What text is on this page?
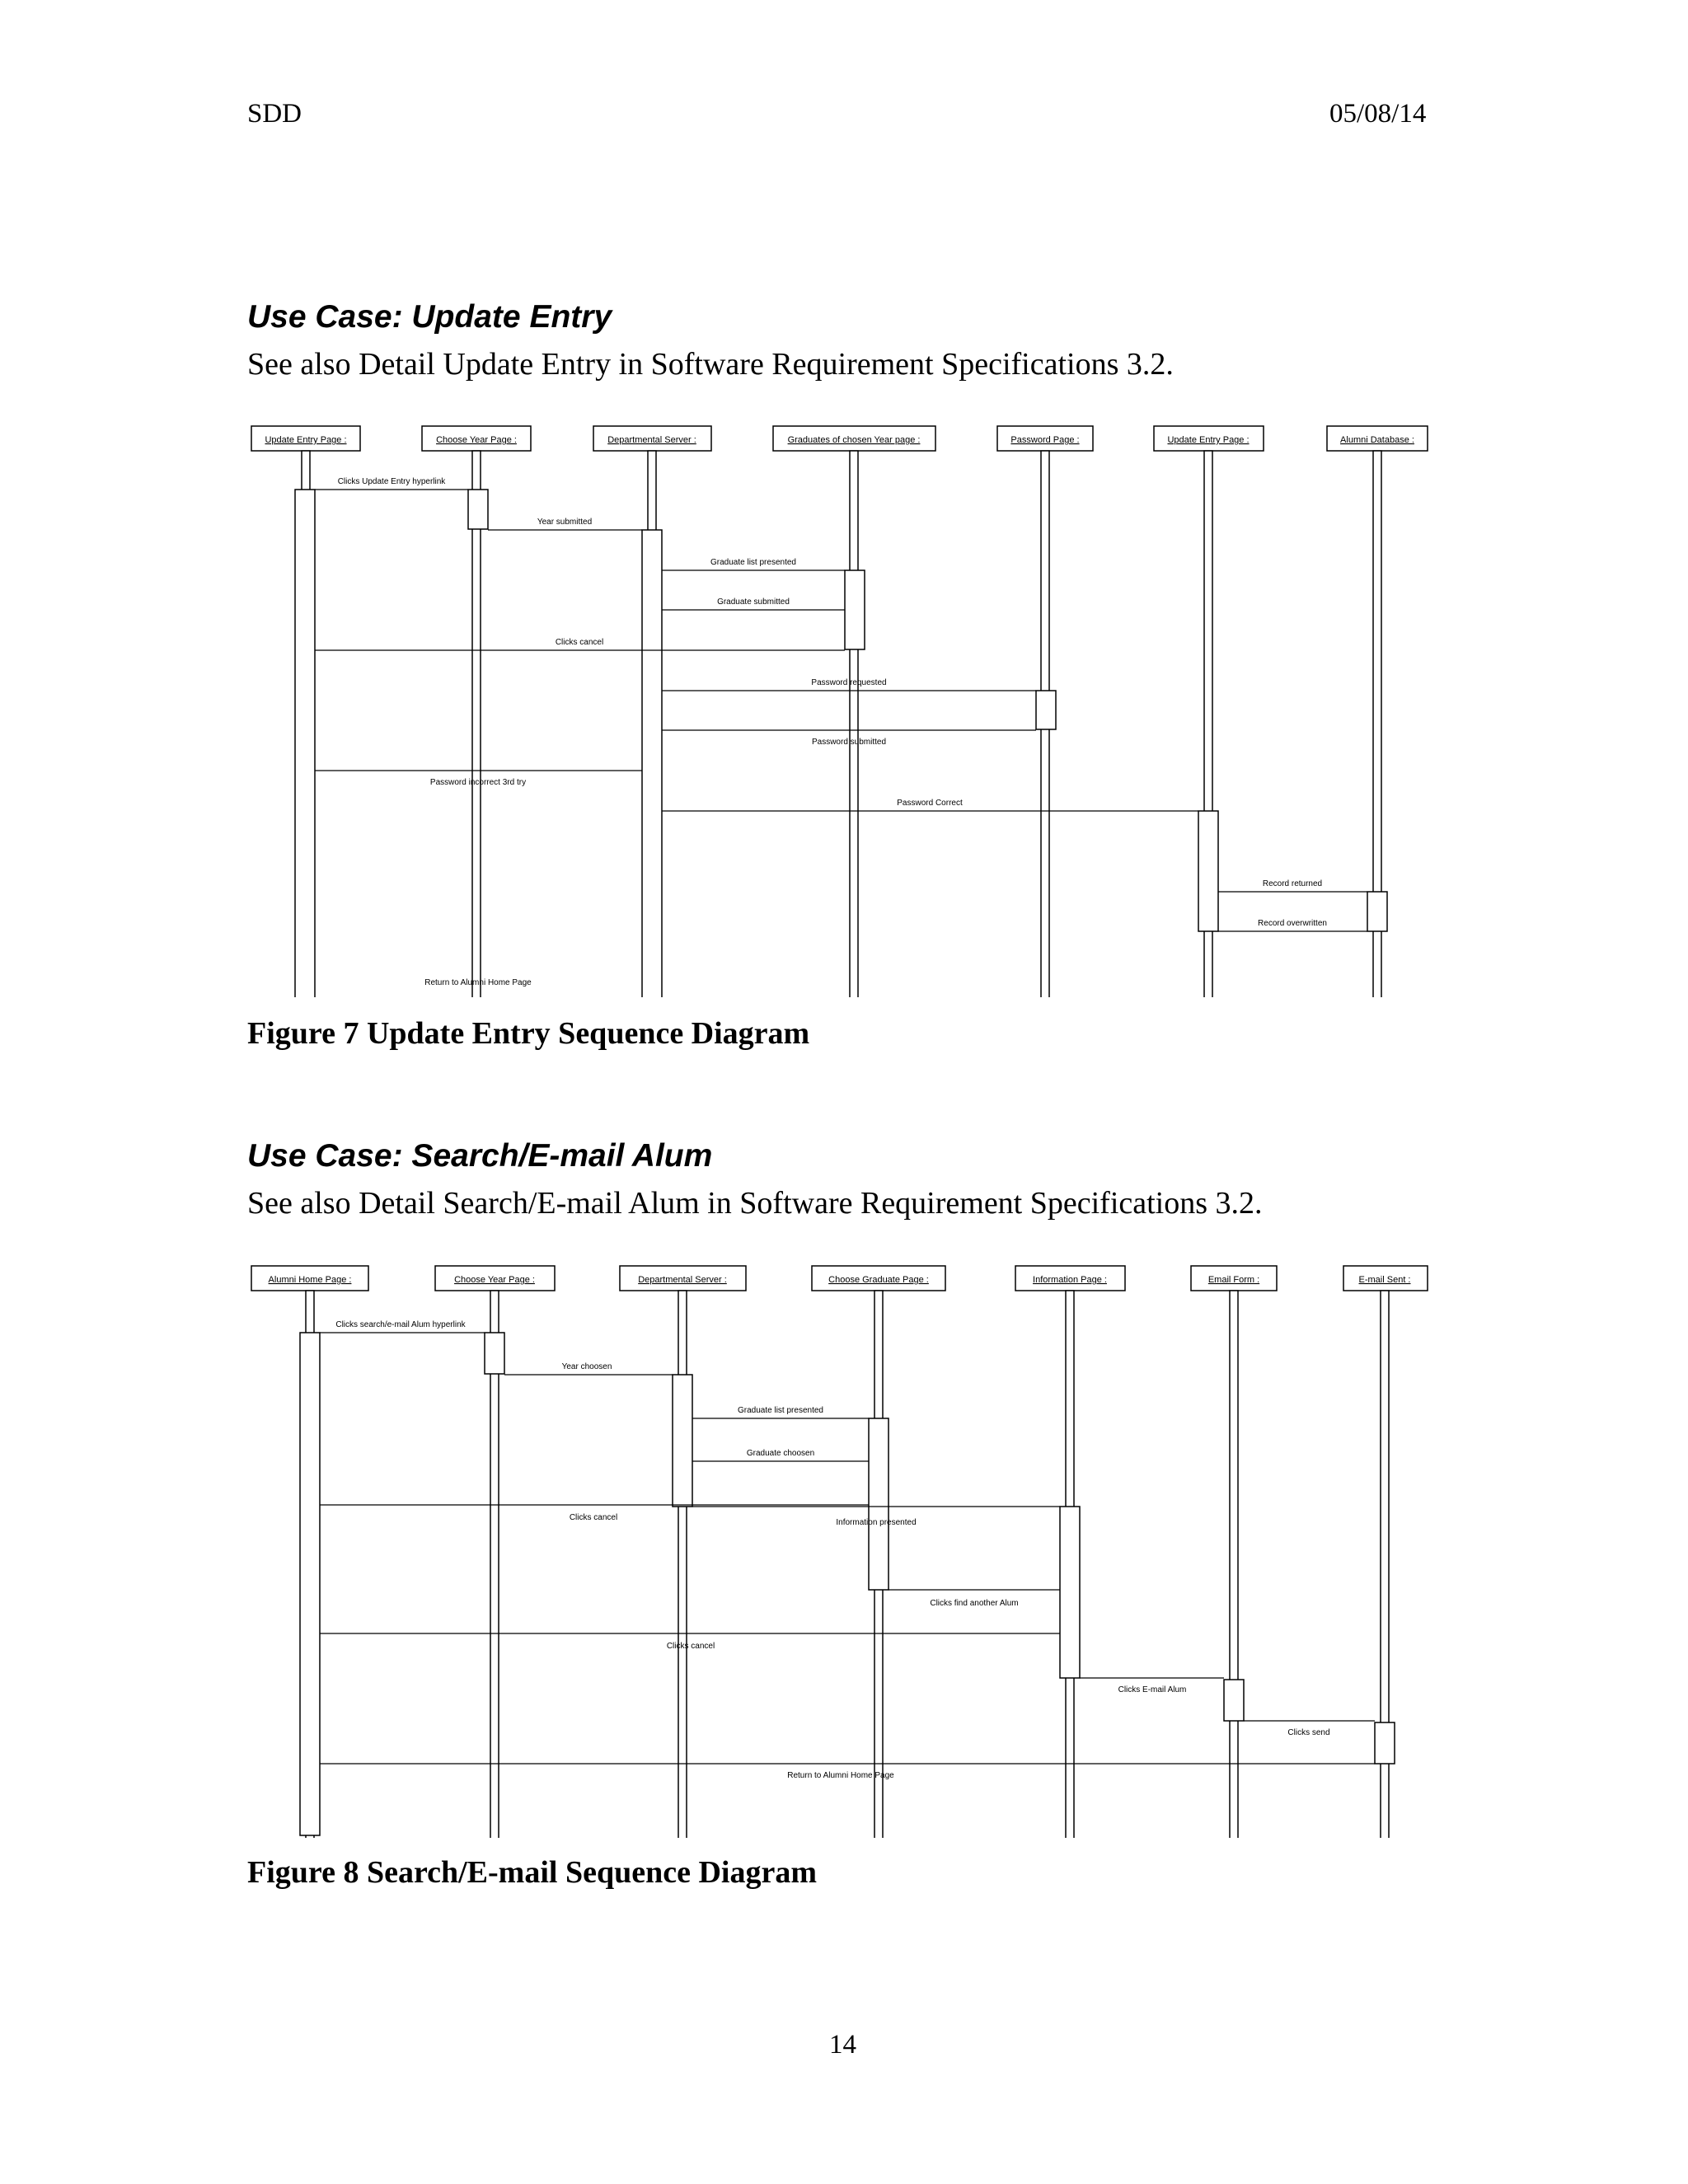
SDD	05/08/14
Use Case: Update Entry
See also Detail Update Entry in Software Requirement Specifications 3.2.
Update Entry Page :	Choose Year Page :	Departmental Server :	Graduates of chosen Year page :	Password Page :	Update Entry Page :	Alumni Database :
Clicks Update Entry hyperlink
Year submitted
Graduate list presented
Graduate submitted
Clicks cancel
Password requested
Password submitted
Password incorrect 3rd try
Password Correct
Record returned
Record overwritten
Return to Alumni Home Page
Figure 7 Update Entry Sequence Diagram
Use Case: Search/E-mail Alum
See also Detail Search/E-mail Alum in Software Requirement Specifications 3.2.
Alumni Home Page :	Choose Year Page :	Departmental Server :	Choose Graduate Page :	Information Page :	Email Form :	E-mail Sent :
Clicks search/e-mail Alum hyperlink
Year choosen
Graduate list presented
Graduate choosen
Clicks cancel
Information presented
Clicks find another Alum
Clicks cancel
Clicks E-mail Alum
Clicks send
Return to Alumni Home Page
Figure 8 Search/E-mail Sequence Diagram
14
